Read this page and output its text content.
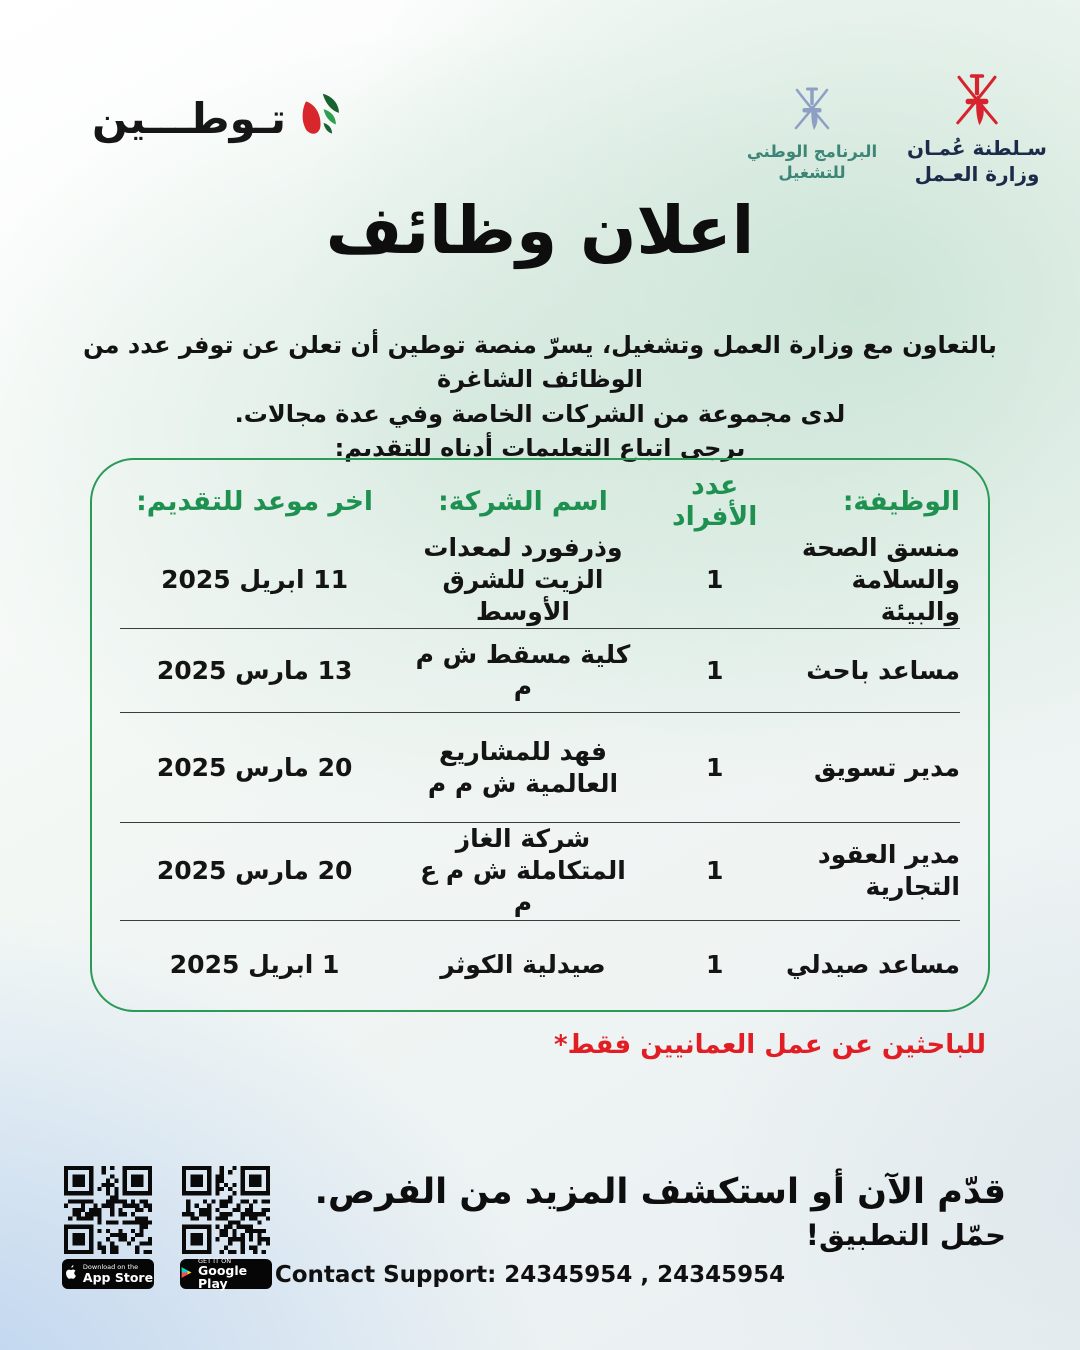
تـوطـــين
البرنامج الوطني
للتشغيل
سـلطنة عُمـان
وزارة العـمل
اعلان وظائف
بالتعاون مع وزارة العمل وتشغيل، يسرّ منصة توطين أن تعلن عن توفر عدد من الوظائف الشاغرة
لدى مجموعة من الشركات الخاصة وفي عدة مجالات.
يرجى اتباع التعليمات أدناه للتقديم:
الوظيفة:
عدد الأفراد
اسم الشركة:
اخر موعد للتقديم:
منسق الصحة والسلامة والبيئة
1
وذرفورد لمعدات الزيت للشرق الأوسط
11 ابريل 2025
مساعد باحث
1
كلية مسقط ش م م
13 مارس 2025
مدير تسويق
1
فهد للمشاريع العالمية ش م م
20 مارس 2025
مدير العقود التجارية
1
شركة الغاز المتكاملة ش م ع م
20 مارس 2025
مساعد صيدلي
1
صيدلية الكوثر
1 ابريل 2025
للباحثين عن عمل العمانيين فقط*
Download on the
App Store
GET IT ON
Google Play
قدّم الآن أو استكشف المزيد من الفرص.
حمّل التطبيق!
Contact Support: 24345954 , 24345954
